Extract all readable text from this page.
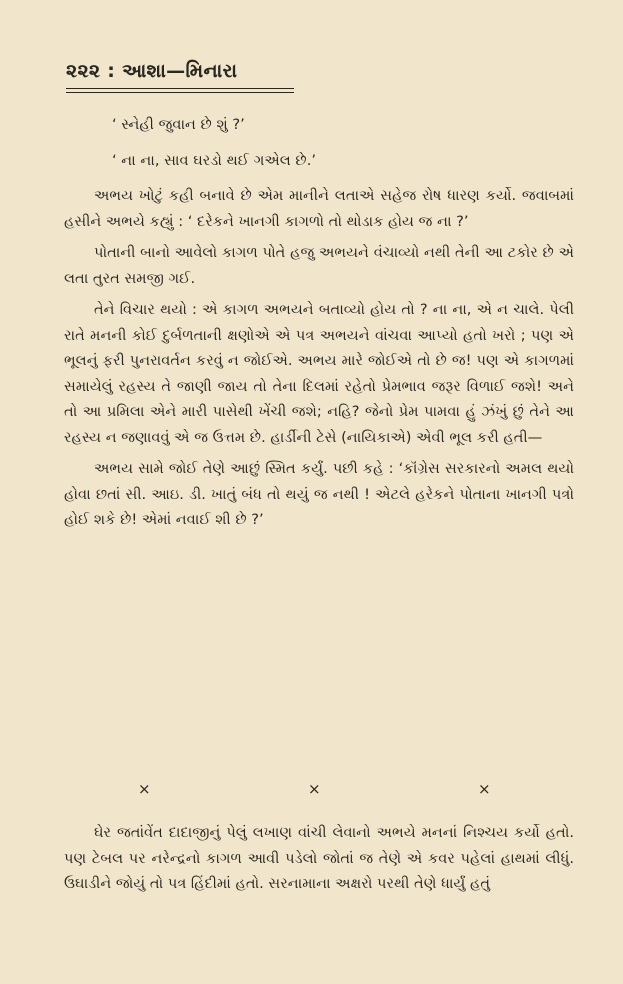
૨૨૨ : આશા—મિનારા

‘ સ્નેહી જુવાન છે શું ?’

‘ ના ના, સાવ ઘરડો થઈ ગએલ છે.’

અભય ખોટું કહી બનાવે છે એમ માનીને લતાએ સહેજ રોષ ધારણ કર્યો. જવાબમાં હસીને અભયે કહ્યું : ‘ દરેકને ખાનગી કાગળો તો થોડાક હોય જ ના ?’

પોતાની બાનો આવેલો કાગળ પોતે હજુ અભયને વંચાવ્યો નથી તેની આ ટકોર છે એ લતા તુરત સમજી ગઈ.

તેને વિચાર થયો : એ કાગળ અભયને બતાવ્યો હોય તો ? ના ના, એ ન ચાલે. પેલી રાતે મનની કોઈ દુર્બળતાની ક્ષણોએ એ પત્ર અભયને વાંચવા આપ્યો હતો ખરો ; પણ એ ભૂલનું ફરી પુનરાવર્તન કરવું ન જોઈએ. અભય મારે જોઈએ તો છે જ! પણ એ કાગળમાં સમાયેલું રહસ્ય તે જાણી જાય તો તેના દિલમાં રહેતો પ્રેમભાવ જરૂર વિળાઈ જશે! અને તો આ પ્રમિલા એને મારી પાસેથી ખેંચી જશે; નહિ? જેનો પ્રેમ પામવા હું ઝંખું છું તેને આ રહસ્ય ન જણાવવું એ જ ઉત્તમ છે. હાર્ડીની ટેસે (નાયિકાએ) એવી ભૂલ કરી હતી—

અભય સામે જોઈ તેણે આછું સ્મિત કર્યું. પછી કહે : ‘કૉંગ્રેસ સરકારનો અમલ થયો હોવા છતાં સી. આઇ. ડી. ખાતું બંધ તો થયું જ નથી ! એટલે હરેકને પોતાના ખાનગી પત્રો હોઈ શકે છે! એમાં નવાઈ શી છે ?’

×	×	×

ઘેર જતાંવેંત દાદાજીનું પેલું લખાણ વાંચી લેવાનો અભયે મનનાં નિશ્ચય કર્યો હતો. પણ ટેબલ પર નરેન્દ્રનો કાગળ આવી પડેલો જોતાં જ તેણે એ કવર પહેલાં હાથમાં લીધું. ઉઘાડીને જોયું તો પત્ર હિંદીમાં હતો. સરનામાના અક્ષરો પરથી તેણે ધાર્યું હતું
